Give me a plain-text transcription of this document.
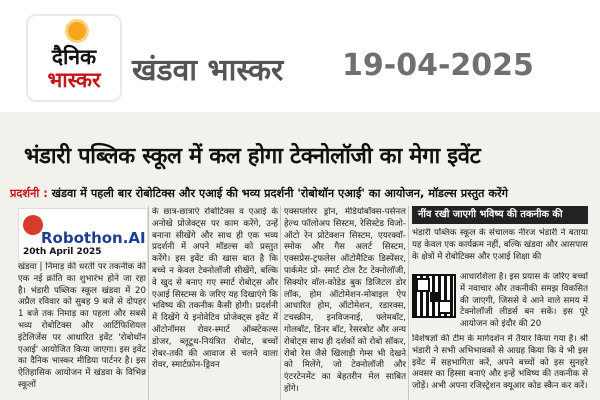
दैनिक
भास्कर	खंडवा भास्कर 19-04-2025
भंडारी पब्लिक स्कूल में कल होगा टेक्नोलॉजी का मेगा इवेंट
प्रदर्शनी : खंडवा में पहली बार रोबोटिक्स और एआई की भव्य प्रदर्शनी 'रोबोथॉन एआई' का आयोजन, मॉडल्स प्रस्तुत करेंगे
Robothon.AI
20th April 2025
खंडवा | निमाड़ की धरती पर तकनीक की एक नई क्रांति का शुभारंभ होने जा रहा है। भंडारी पब्लिक स्कूल खंडवा में 20 अप्रैल रविवार को सुबह 9 बजे से दोपहर 1 बजे तक निमाड़ का पहला और सबसे भव्य रोबोटिक्स और आर्टिफिशियल इंटेलिजेंस पर आधारित इवेंट 'रोबोथॉन एआई' आयोजित किया जाएगा। इस इवेंट का दैनिक भास्कर मीडिया पार्टनर है। इस ऐतिहासिक आयोजन में खंडवा के विभिन्न स्कूलों
के छात्र-छात्राएं रोबोटिक्स व एआई के अनोखे प्रोजेक्ट्स पर काम करेंगे, उन्हें बनाना सीखेंगे और साथ ही एक भव्य प्रदर्शनी में अपने मॉडल्स को प्रस्तुत करेंगे। इस इवेंट की खास बात है कि बच्चे न केवल टेक्नोलॉजी सीखेंगे, बल्कि वे खुद से बनाए गए स्मार्ट रोबोट्स और एआई सिस्टम्स के जरिए यह दिखाएंगे कि भविष्य की तकनीक कैसी होगी। प्रदर्शनी में दिखेंगे ये इनोवेटिव प्रोजेक्ट्स इवेंट में ऑटोनॉमस रोवर-स्मार्ट ऑब्स्टेकल्स डोजर, ब्लूटूथ-नियंत्रित रोबोट, बच्चों रोबर-तकी की आवाज से चलने वाला रोवर, स्मार्टफ़ोन-ड्रिवन
एक्सप्लोरर ड्रोन, मेडियोबॉक्स-पर्सनल हेल्थ फॉलोअप सिस्टम, रेसिस्टेड विजो-ऑटो रेन प्रोटेक्शन सिस्टम, एयरक्वॉ-स्मोक और गैस अलर्ट सिस्टम, एक्सप्रेस-ट्रफलेस ऑटोमैटिक डिस्पेंसर, पार्कमेट प्रो- स्मार्ट टोल टैट टेक्नोलॉजी, सिक्योर वॉल-कोडेड बुक डिजिटल डोर लॉक, होम ऑटोमेशन-मोबाइल ऐप आधारित होम, ऑटोमेशन, रडारक्स, टचस्क्रीन, इनविजनाई, फ्लेमबॉट, गोलबॉट, डिनर बॉट, रेसरबोट और अन्य रोबोट्स साथ ही दर्शकों को रोबो सॉकर, रोबो रेस जैसे खिलाड़ी गेम्स भी देखने को मिलेंगे, जो टेक्नोलॉजी और एंटरटेनमेंट का बेहतरीन मेल साबित होंगे।
नींव रखी जाएगी भविष्य की तकनीक की
भंडारी पब्लिक स्कूल के संचालक नीरज भंडारी ने बताया यह केवल एक कार्यक्रम नहीं, बल्कि खंडवा और आसपास के क्षेत्रों में रोबोटिक्स और एआई शिक्षा की
आधारशिला है। इस प्रयास के जरिए बच्चों में नवाचार और तकनीकी समझ विकसित की जाएगी, जिससे वे आने वाले समय में टेक्नोलॉजी लीडर्स बन सकें। इस पूरे आयोजन को इंदौर की 20
विशेषज्ञों की टीम के मार्गदर्शन में तैयार किया गया है। श्री भंडारी ने सभी अभिभावकों से आग्रह किया कि वे भी इस इवेंट में सहभागिता करें, अपने बच्चों को इस सुनहरे अवसर का हिस्सा बनाएं और इन्हें भविष्य की तकनीक से जोड़ें। अभी अपना रजिस्ट्रेशन क्यूआर कोड स्कैन कर करें।
